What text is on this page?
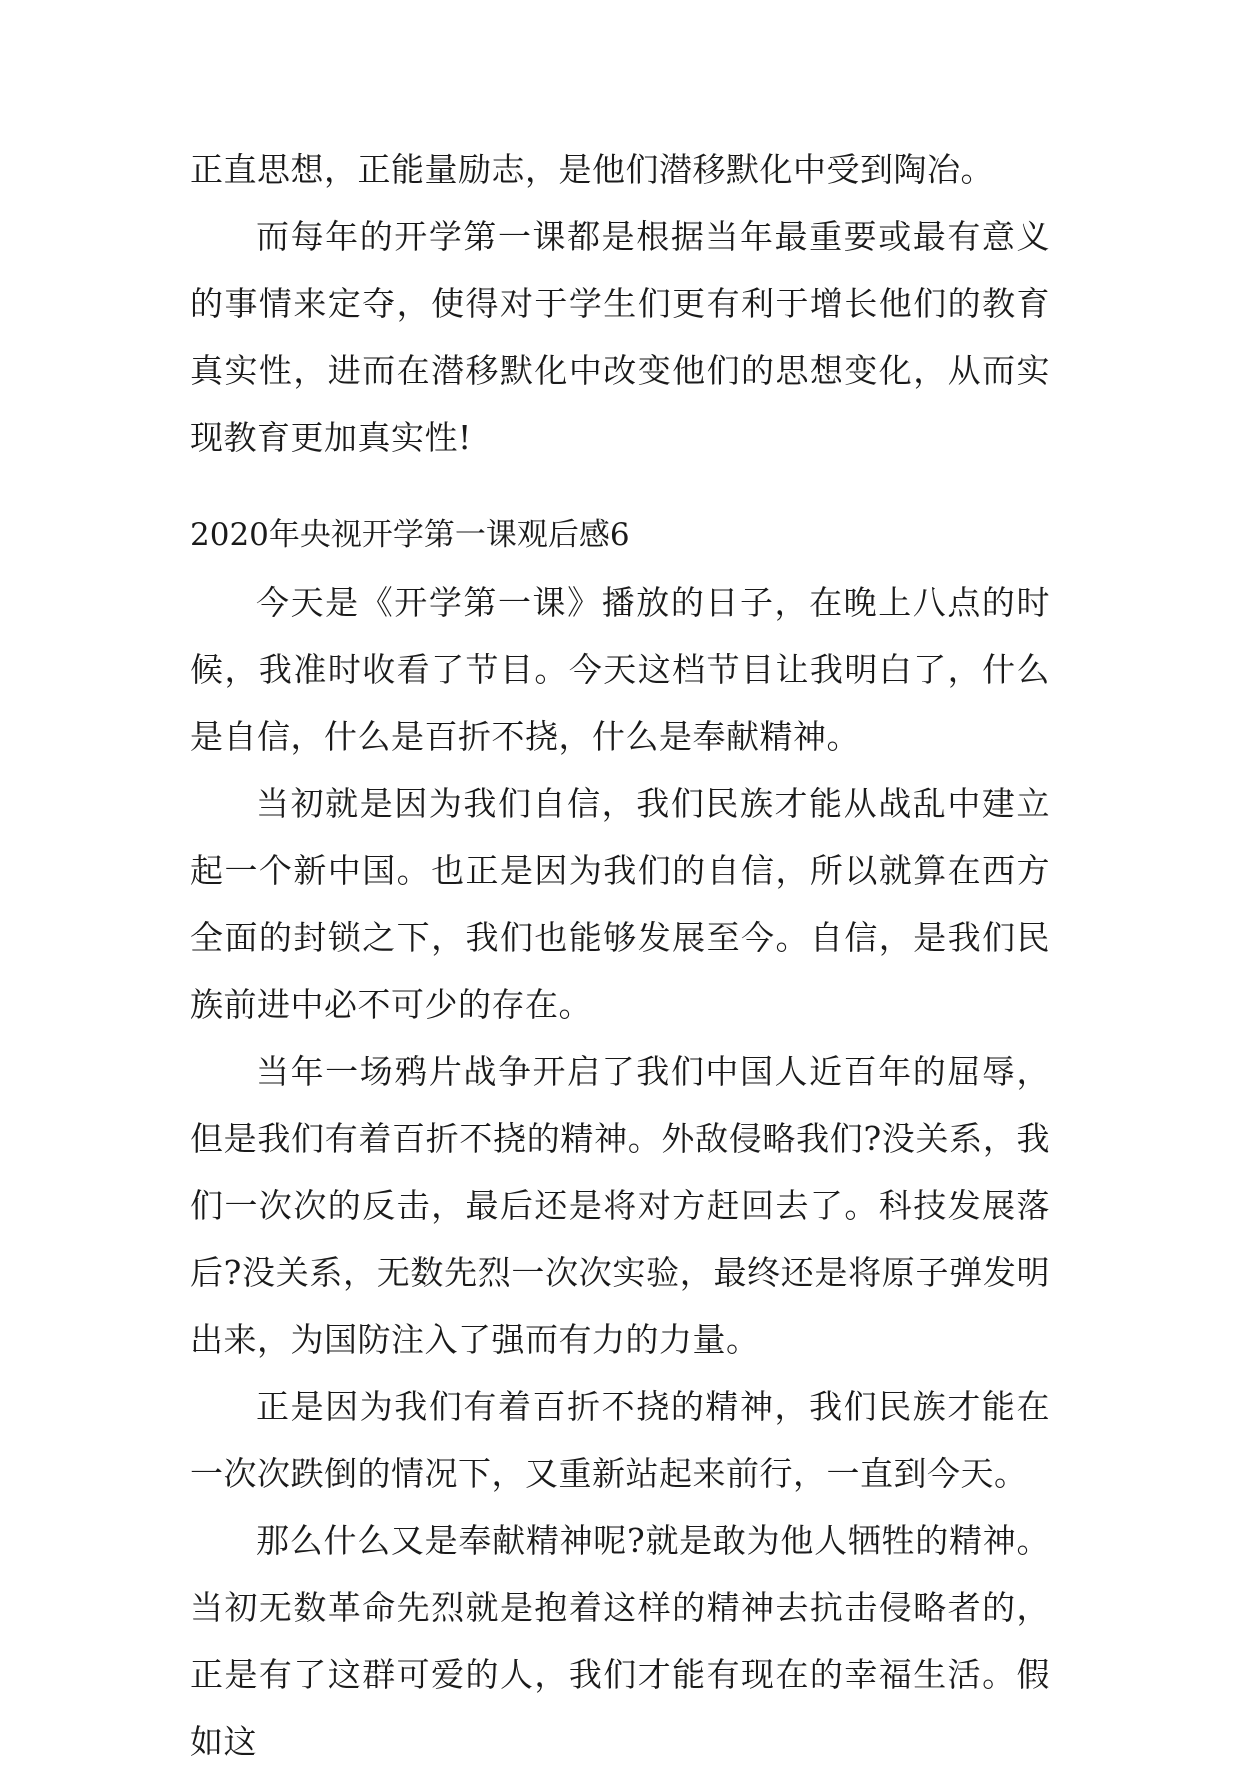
正直思想，正能量励志，是他们潜移默化中受到陶冶。

而每年的开学第一课都是根据当年最重要或最有意义的事情来定夺，使得对于学生们更有利于增长他们的教育真实性，进而在潜移默化中改变他们的思想变化，从而实现教育更加真实性!

2020年央视开学第一课观后感6

今天是《开学第一课》播放的日子，在晚上八点的时候，我准时收看了节目。今天这档节目让我明白了，什么是自信，什么是百折不挠，什么是奉献精神。

当初就是因为我们自信，我们民族才能从战乱中建立起一个新中国。也正是因为我们的自信，所以就算在西方全面的封锁之下，我们也能够发展至今。自信，是我们民族前进中必不可少的存在。

当年一场鸦片战争开启了我们中国人近百年的屈辱，但是我们有着百折不挠的精神。外敌侵略我们?没关系，我们一次次的反击，最后还是将对方赶回去了。科技发展落后?没关系，无数先烈一次次实验，最终还是将原子弹发明出来，为国防注入了强而有力的力量。

正是因为我们有着百折不挠的精神，我们民族才能在一次次跌倒的情况下，又重新站起来前行，一直到今天。

那么什么又是奉献精神呢?就是敢为他人牺牲的精神。当初无数革命先烈就是抱着这样的精神去抗击侵略者的，正是有了这群可爱的人，我们才能有现在的幸福生活。假如这
